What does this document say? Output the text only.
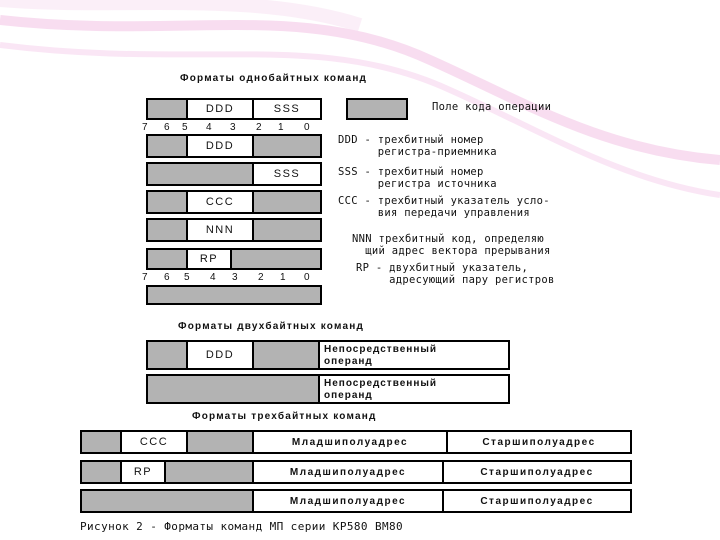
Форматы однобайтных команд
DDD	SSS	Поле кода операции
7 6 5 4 3 2 1 0
DDD	DDD - трехбитный номер
регистра-приемника
SSS	SSS - трехбитный номер
регистра источника
CCC	CCC - трехбитный указатель усло-
вия передачи управления
NNN
NNN трехбитный код, определяю
щий адрес вектора прерывания
RP
RP - двухбитный указатель,
адресующий пару регистров
7 6 5 4 3 2 1 0
Форматы двухбайтных команд
DDD	Непосредственный
операнд
Непосредственный
операнд
Форматы трехбайтных команд
CCC	Младшиполуадрес	Старшиполуадрес
RP	Младшиполуадрес	Старшиполуадрес
Младшиполуадрес	Старшиполуадрес
Рисунок 2 - Форматы команд МП серии КР580 ВМ80
